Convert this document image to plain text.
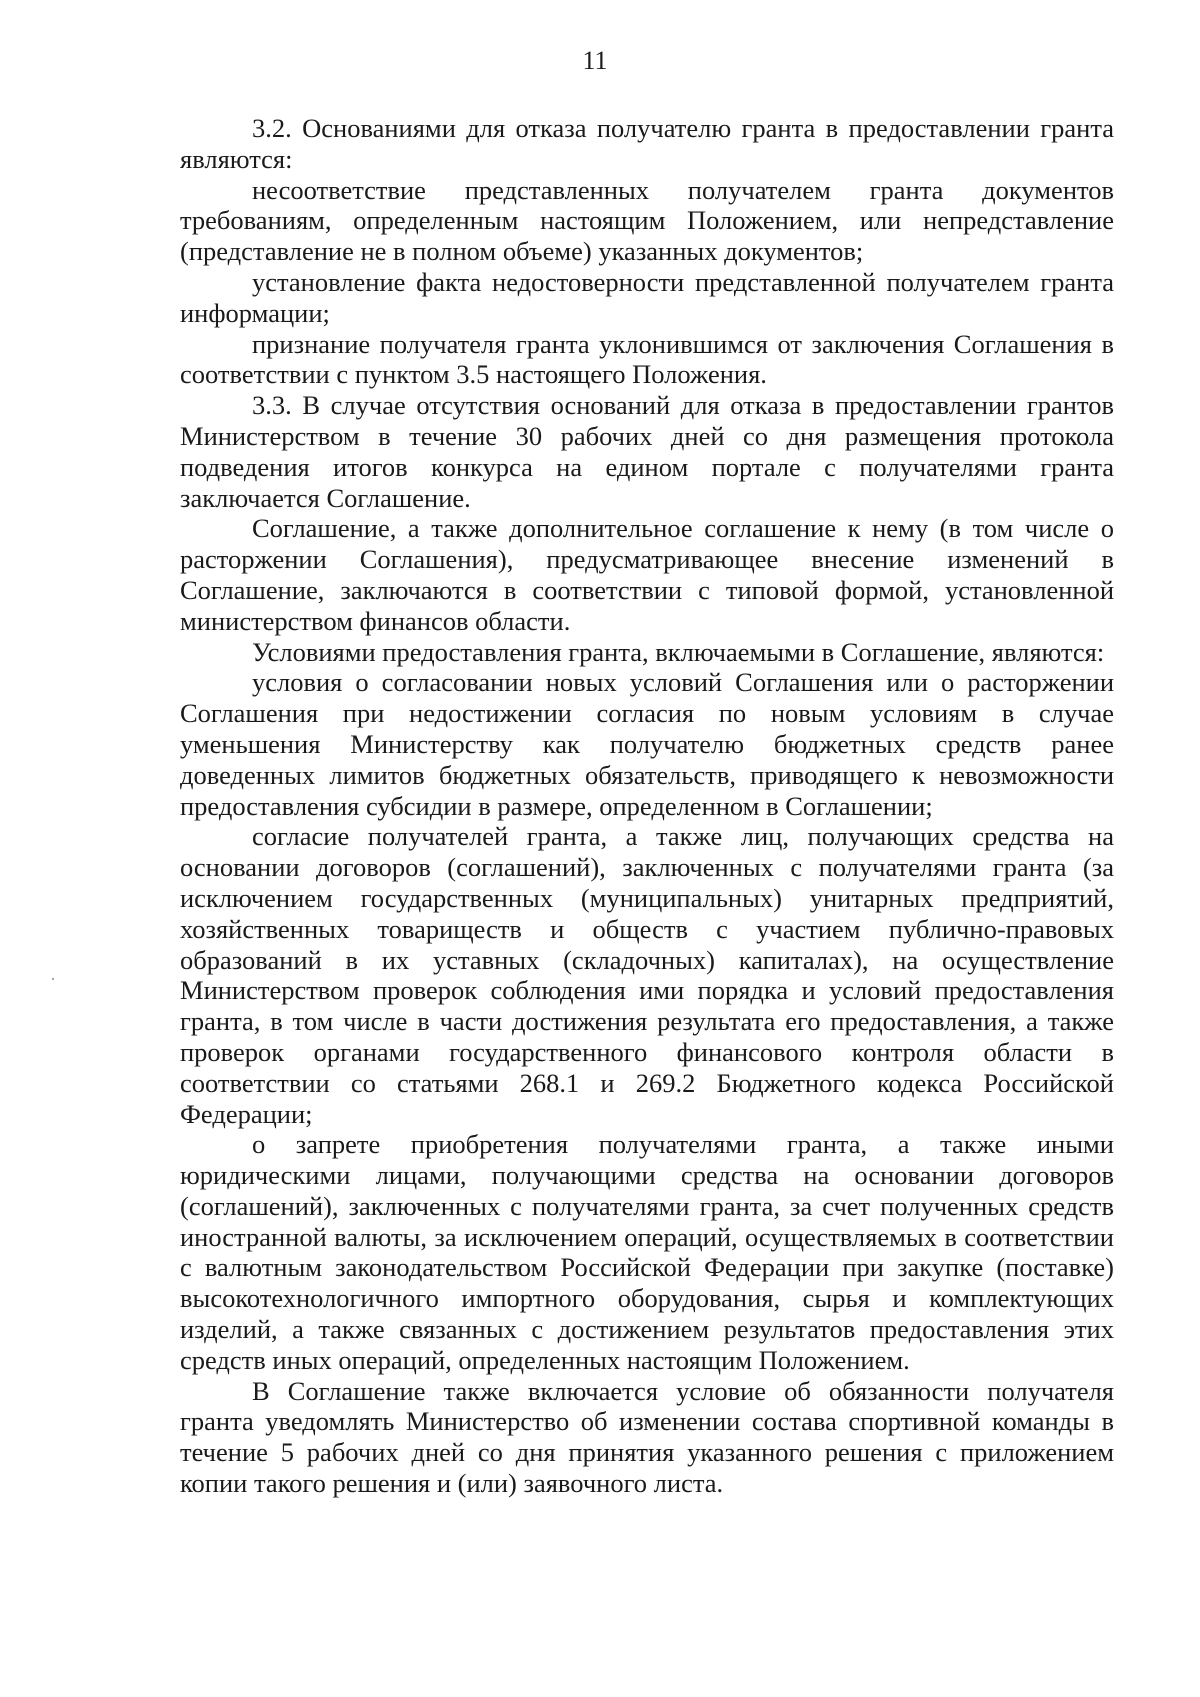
11

3.2. Основаниями для отказа получателю гранта в предоставлении гранта являются:

несоответствие представленных получателем гранта документов требованиям, определенным настоящим Положением, или непредставление (представление не в полном объеме) указанных документов;

установление факта недостоверности представленной получателем гранта информации;

признание получателя гранта уклонившимся от заключения Соглашения в соответствии с пунктом 3.5 настоящего Положения.

3.3. В случае отсутствия оснований для отказа в предоставлении грантов Министерством в течение 30 рабочих дней со дня размещения протокола подведения итогов конкурса на едином портале с получателями гранта заключается Соглашение.

Соглашение, а также дополнительное соглашение к нему (в том числе о расторжении Соглашения), предусматривающее внесение изменений в Соглашение, заключаются в соответствии с типовой формой, установленной министерством финансов области.

Условиями предоставления гранта, включаемыми в Соглашение, являются:

условия о согласовании новых условий Соглашения или о расторжении Соглашения при недостижении согласия по новым условиям в случае уменьшения Министерству как получателю бюджетных средств ранее доведенных лимитов бюджетных обязательств, приводящего к невозможности предоставления субсидии в размере, определенном в Соглашении;

согласие получателей гранта, а также лиц, получающих средства на основании договоров (соглашений), заключенных с получателями гранта (за исключением государственных (муниципальных) унитарных предприятий, хозяйственных товариществ и обществ с участием публично-правовых образований в их уставных (складочных) капиталах), на осуществление Министерством проверок соблюдения ими порядка и условий предоставления гранта, в том числе в части достижения результата его предоставления, а также проверок органами государственного финансового контроля области в соответствии со статьями 268.1 и 269.2 Бюджетного кодекса Российской Федерации;

о запрете приобретения получателями гранта, а также иными юридическими лицами, получающими средства на основании договоров (соглашений), заключенных с получателями гранта, за счет полученных средств иностранной валюты, за исключением операций, осуществляемых в соответствии с валютным законодательством Российской Федерации при закупке (поставке) высокотехнологичного импортного оборудования, сырья и комплектующих изделий, а также связанных с достижением результатов предоставления этих средств иных операций, определенных настоящим Положением.

В Соглашение также включается условие об обязанности получателя гранта уведомлять Министерство об изменении состава спортивной команды в течение 5 рабочих дней со дня принятия указанного решения с приложением копии такого решения и (или) заявочного листа.
